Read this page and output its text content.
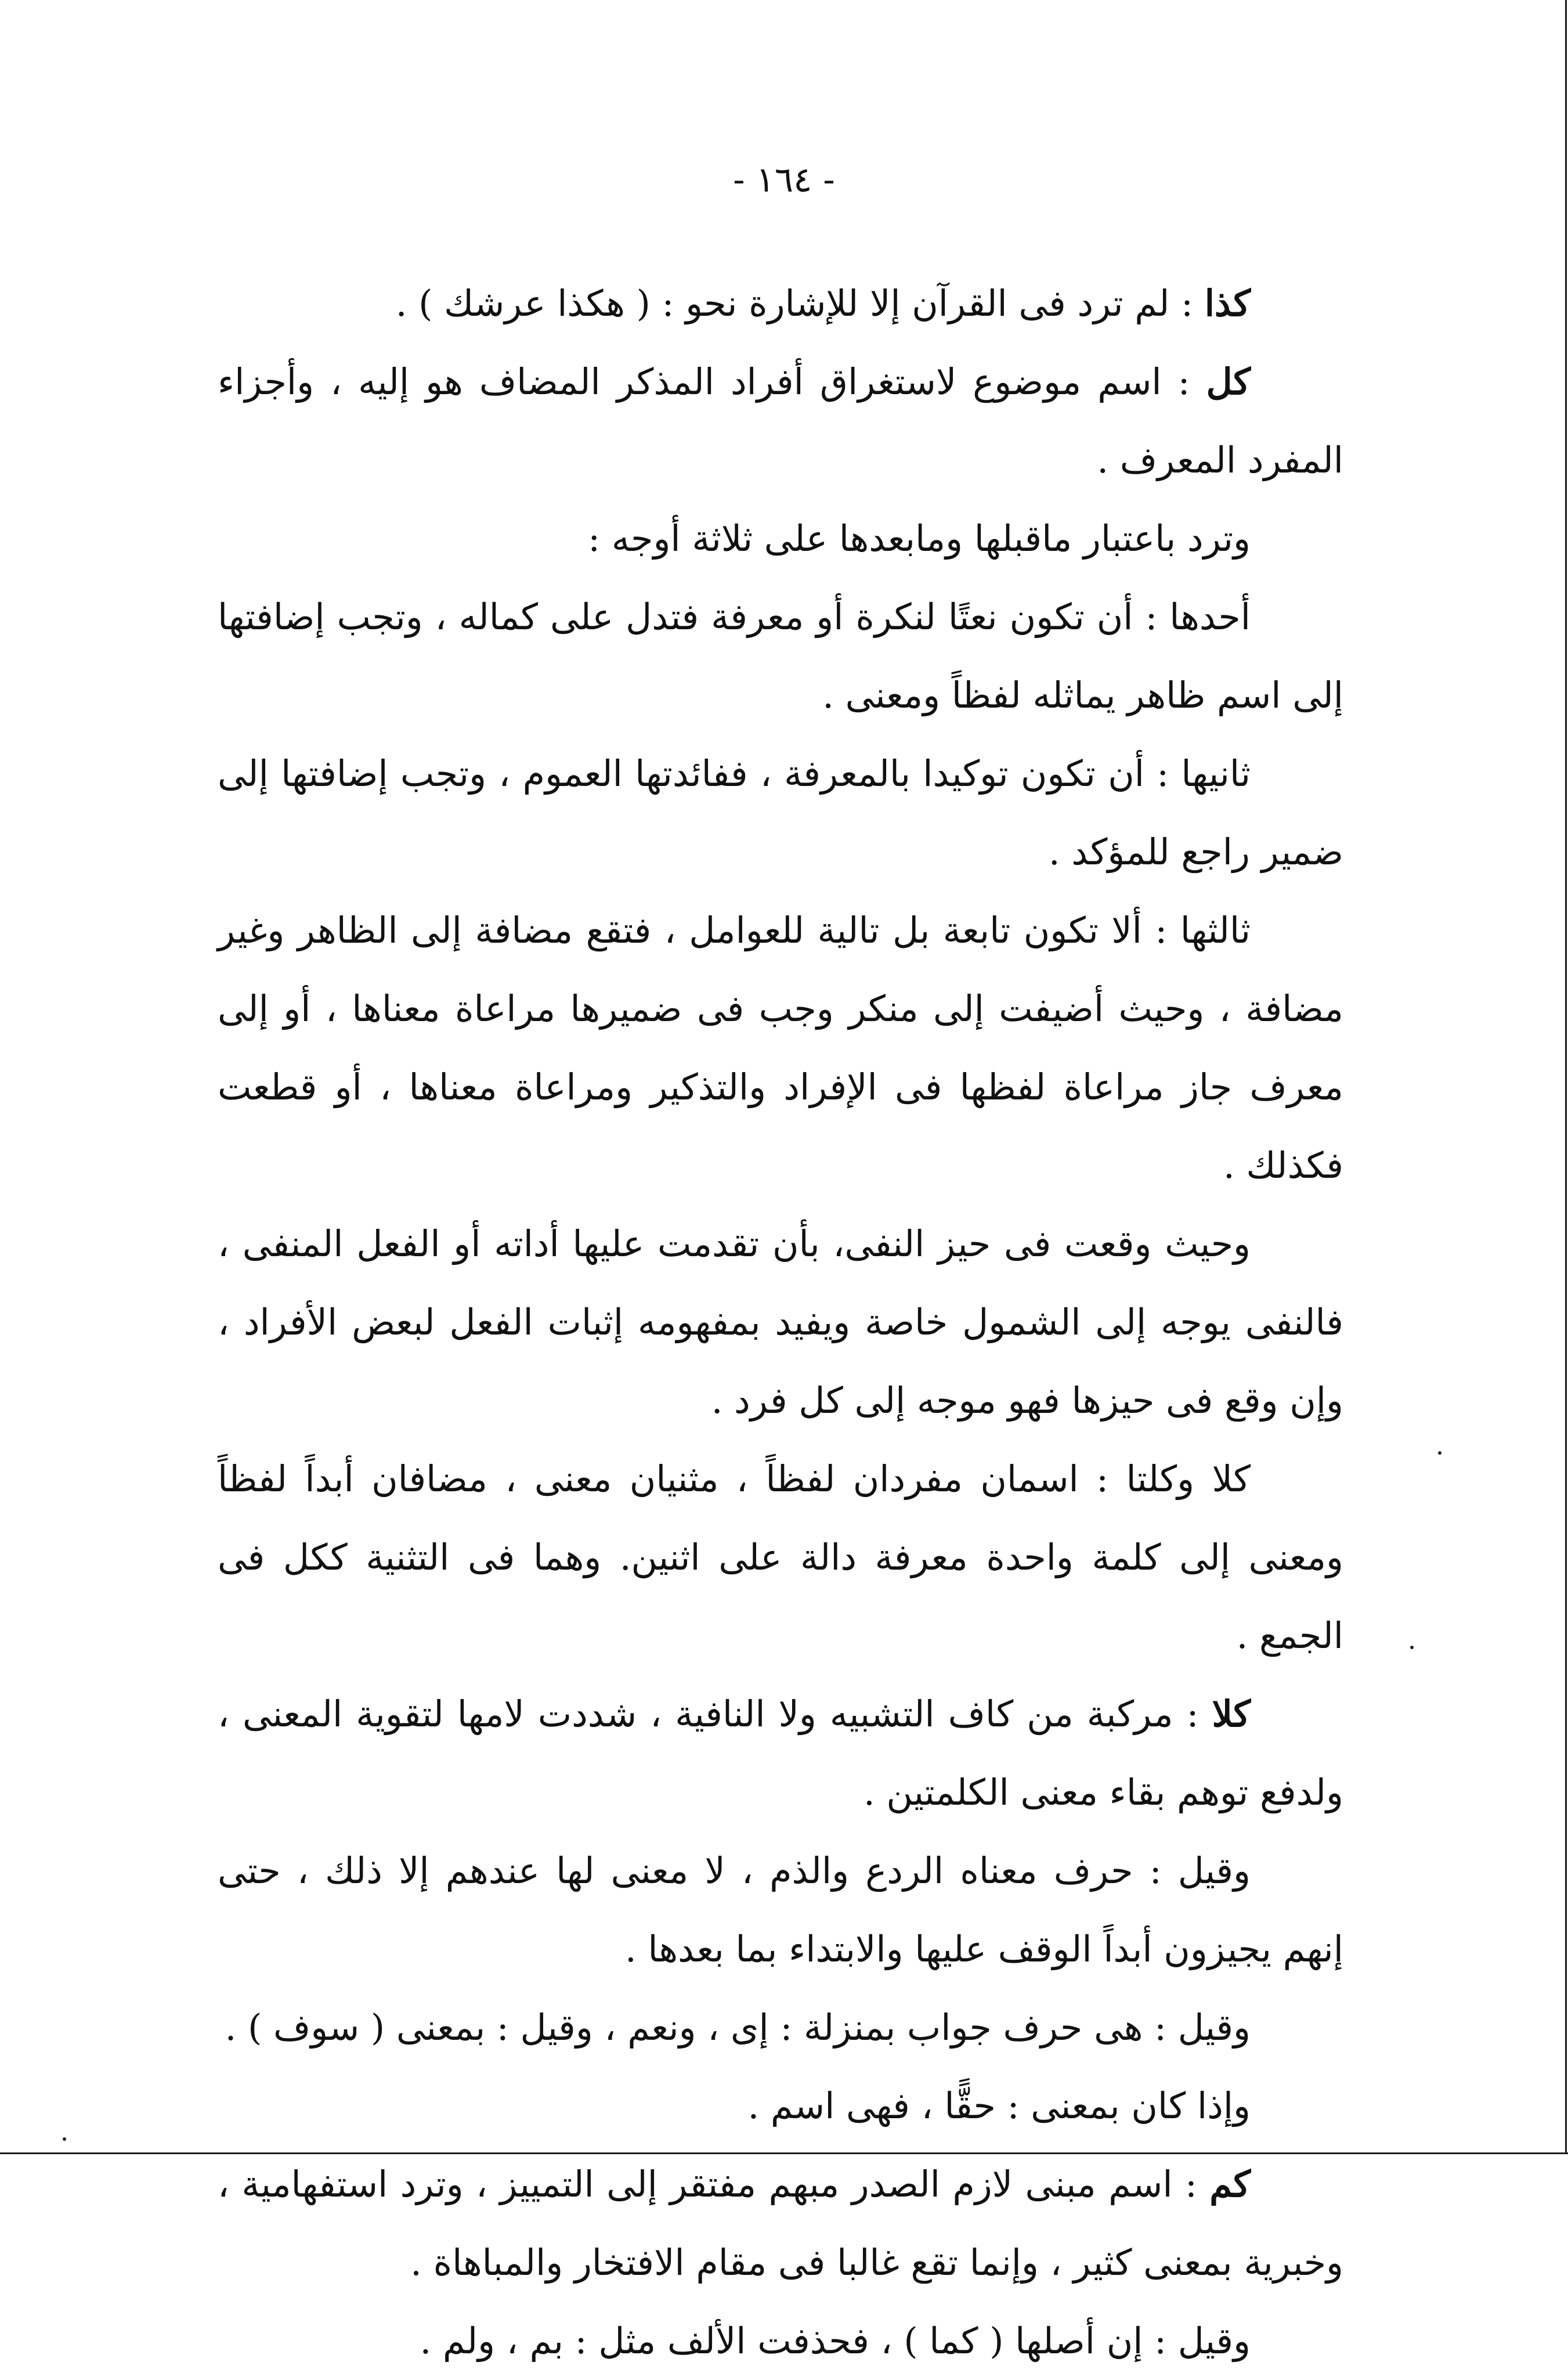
- ١٦٤ -

كذا : لم ترد فى القرآن إلا للإشارة نحو : ( هكذا عرشك ) .

كل : اسم موضوع لاستغراق أفراد المذكر المضاف هو إليه ، وأجزاء المفرد المعرف .

وترد باعتبار ماقبلها ومابعدها على ثلاثة أوجه :

أحدها : أن تكون نعتًا لنكرة أو معرفة فتدل على كماله ، وتجب إضافتها إلى اسم ظاهر يماثله لفظاً ومعنى .

ثانيها : أن تكون توكيدا بالمعرفة ، ففائدتها العموم ، وتجب إضافتها إلى ضمير راجع للمؤكد .

ثالثها : ألا تكون تابعة بل تالية للعوامل ، فتقع مضافة إلى الظاهر وغير مضافة ، وحيث أضيفت إلى منكر وجب فى ضميرها مراعاة معناها ، أو إلى معرف جاز مراعاة لفظها فى الإفراد والتذكير ومراعاة معناها ، أو قطعت فكذلك .

وحيث وقعت فى حيز النفى، بأن تقدمت عليها أداته أو الفعل المنفى ، فالنفى يوجه إلى الشمول خاصة ويفيد بمفهومه إثبات الفعل لبعض الأفراد ، وإن وقع فى حيزها فهو موجه إلى كل فرد .

كلا وكلتا : اسمان مفردان لفظاً ، مثنيان معنى ، مضافان أبداً لفظاً ومعنى إلى كلمة واحدة معرفة دالة على اثنين. وهما فى التثنية ككل فى الجمع .

كلا : مركبة من كاف التشبيه ولا النافية ، شددت لامها لتقوية المعنى ، ولدفع توهم بقاء معنى الكلمتين .

وقيل : حرف معناه الردع والذم ، لا معنى لها عندهم إلا ذلك ، حتى إنهم يجيزون أبداً الوقف عليها والابتداء بما بعدها .

وقيل : هى حرف جواب بمنزلة : إى ، ونعم ، وقيل : بمعنى ( سوف ) .

وإذا كان بمعنى : حقًّا ، فهى اسم .

كم : اسم مبنى لازم الصدر مبهم مفتقر إلى التمييز ، وترد استفهامية ، وخبرية بمعنى كثير ، وإنما تقع غالبا فى مقام الافتخار والمباهاة .

وقيل : إن أصلها ( كما ) ، فحذفت الألف مثل : بم ، ولم .
